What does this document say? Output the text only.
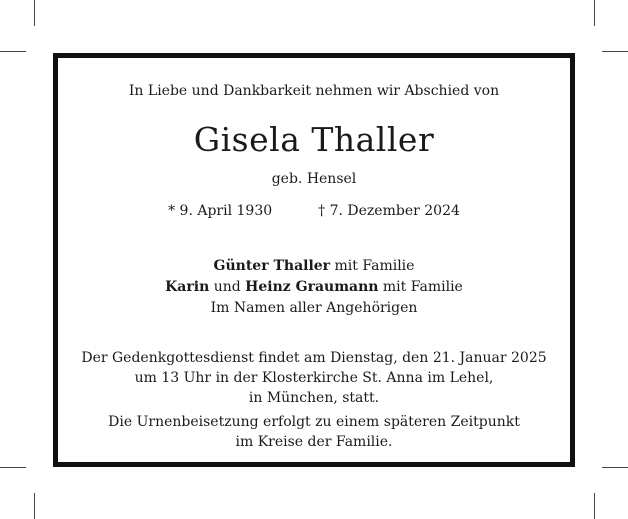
In Liebe und Dankbarkeit nehmen wir Abschied von
Gisela Thaller
geb. Hensel
* 9. April 1930	† 7. Dezember 2024
Günter Thaller mit Familie
Karin und Heinz Graumann mit Familie
Im Namen aller Angehörigen
Der Gedenkgottesdienst findet am Dienstag, den 21. Januar 2025
um 13 Uhr in der Klosterkirche St. Anna im Lehel,
in München, statt.
Die Urnenbeisetzung erfolgt zu einem späteren Zeitpunkt
im Kreise der Familie.
